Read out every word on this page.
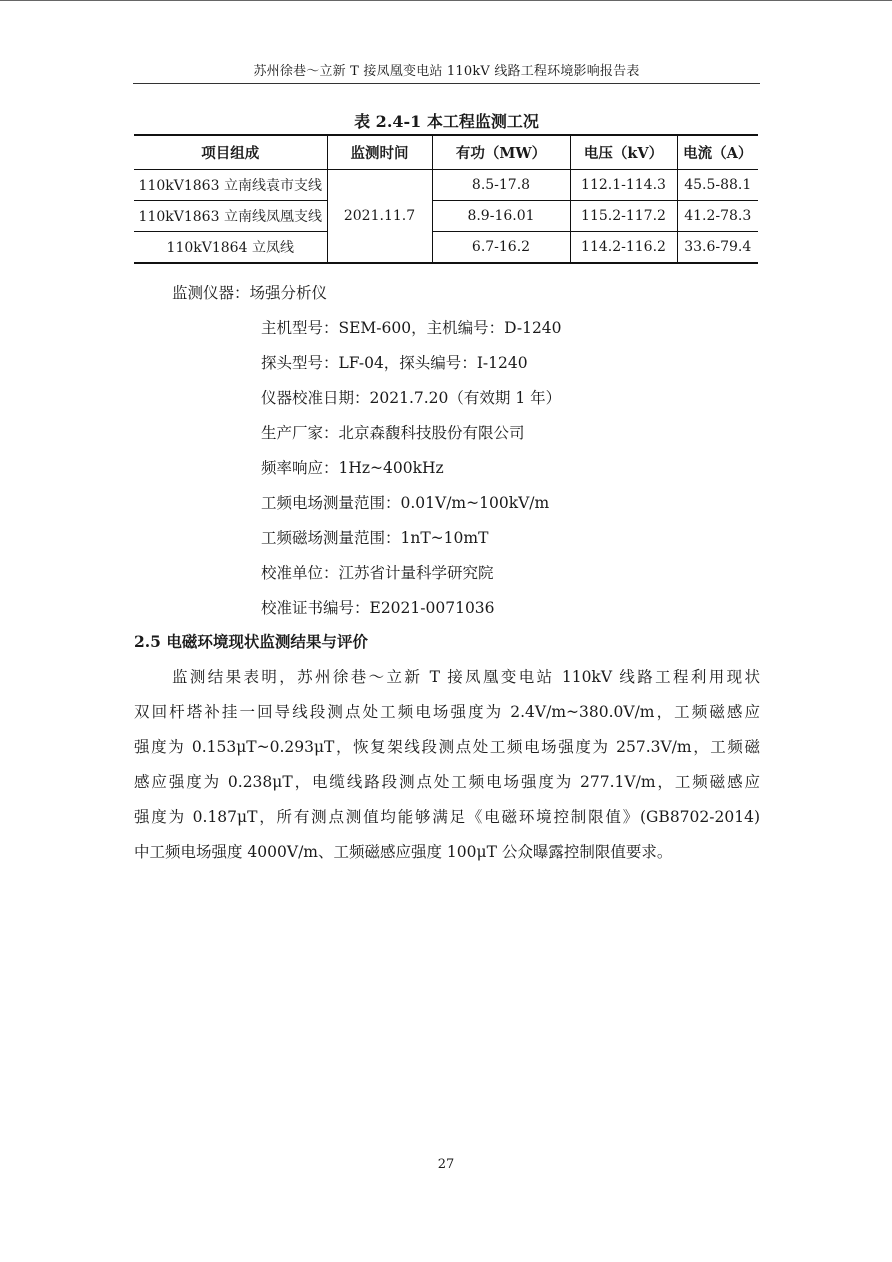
苏州徐巷～立新 T 接凤凰变电站 110kV 线路工程环境影响报告表
表 2.4-1 本工程监测工况
项目组成	监测时间	有功（MW）	电压（kV）	电流（A）
110kV1863 立南线袁市支线	2021.11.7	8.5-17.8	112.1-114.3	45.5-88.1
110kV1863 立南线凤凰支线		8.9-16.01	115.2-117.2	41.2-78.3
110kV1864 立凤线		6.7-16.2	114.2-116.2	33.6-79.4
监测仪器：场强分析仪
主机型号：SEM-600，主机编号：D-1240
探头型号：LF-04，探头编号：I-1240
仪器校准日期：2021.7.20（有效期 1 年）
生产厂家：北京森馥科技股份有限公司
频率响应：1Hz~400kHz
工频电场测量范围：0.01V/m~100kV/m
工频磁场测量范围：1nT~10mT
校准单位：江苏省计量科学研究院
校准证书编号：E2021-0071036
2.5 电磁环境现状监测结果与评价
监测结果表明，苏州徐巷～立新 T 接凤凰变电站 110kV 线路工程利用现状
双回杆塔补挂一回导线段测点处工频电场强度为 2.4V/m~380.0V/m，工频磁感应
强度为 0.153μT~0.293μT，恢复架线段测点处工频电场强度为 257.3V/m，工频磁
感应强度为 0.238μT，电缆线路段测点处工频电场强度为 277.1V/m，工频磁感应
强度为 0.187μT，所有测点测值均能够满足《电磁环境控制限值》(GB8702-2014)
中工频电场强度 4000V/m、工频磁感应强度 100μT 公众曝露控制限值要求。
27
